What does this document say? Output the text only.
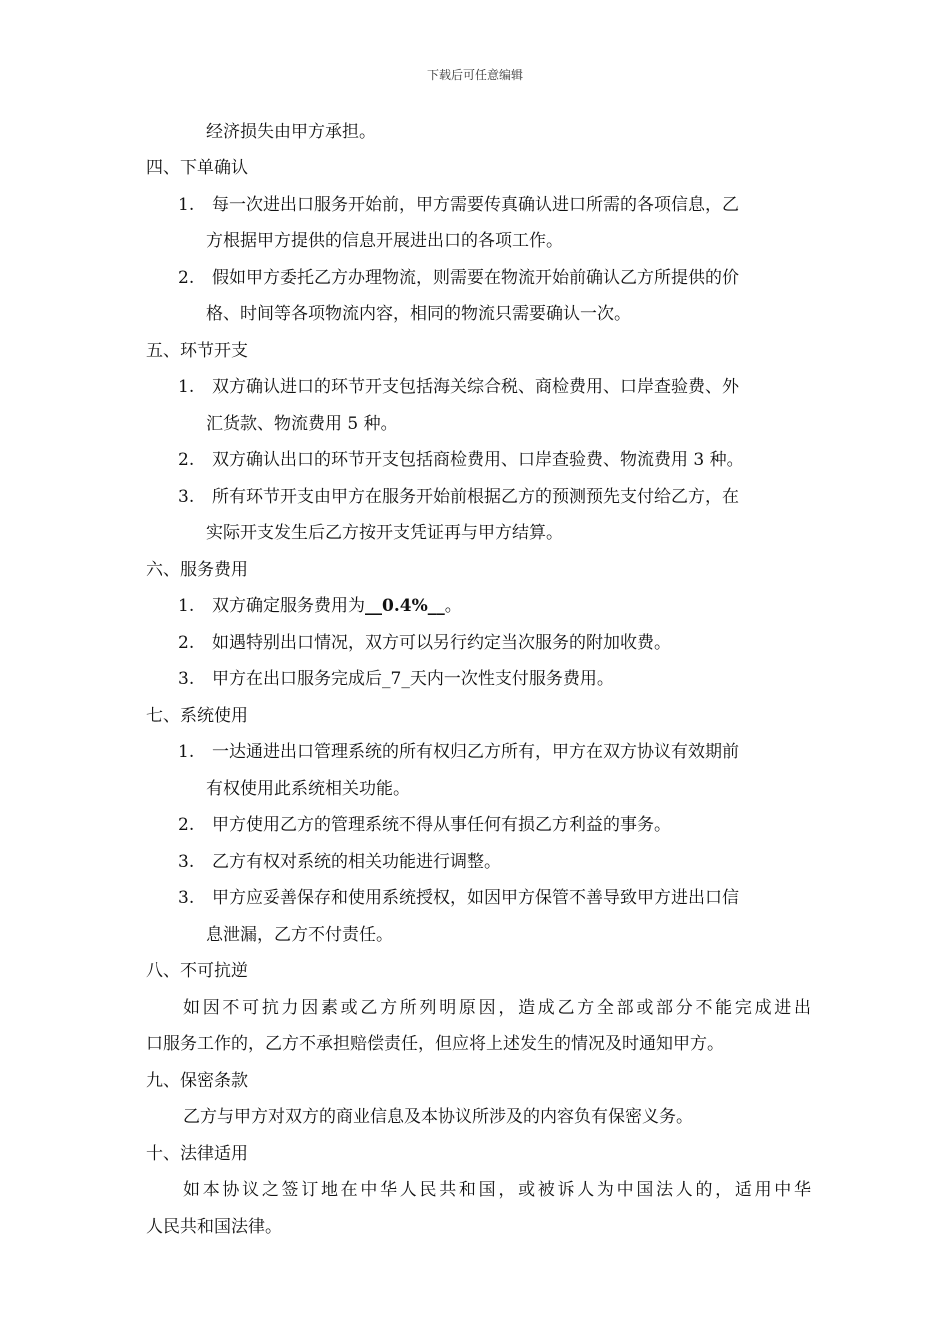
下载后可任意编辑
经济损失由甲方承担。
四、下单确认
1. 每一次进出口服务开始前，甲方需要传真确认进口所需的各项信息，乙
方根据甲方提供的信息开展进出口的各项工作。
2. 假如甲方委托乙方办理物流，则需要在物流开始前确认乙方所提供的价
格、时间等各项物流内容，相同的物流只需要确认一次。
五、环节开支
1. 双方确认进口的环节开支包括海关综合税、商检费用、口岸查验费、外
汇货款、物流费用 5 种。
2. 双方确认出口的环节开支包括商检费用、口岸查验费、物流费用 3 种。
3. 所有环节开支由甲方在服务开始前根据乙方的预测预先支付给乙方，在
实际开支发生后乙方按开支凭证再与甲方结算。
六、服务费用
1. 双方确定服务费用为__0.4%__。
2. 如遇特别出口情况，双方可以另行约定当次服务的附加收费。
3. 甲方在出口服务完成后_7_天内一次性支付服务费用。
七、系统使用
1. 一达通进出口管理系统的所有权归乙方所有，甲方在双方协议有效期前
有权使用此系统相关功能。
2. 甲方使用乙方的管理系统不得从事任何有损乙方利益的事务。
3. 乙方有权对系统的相关功能进行调整。
3. 甲方应妥善保存和使用系统授权，如因甲方保管不善导致甲方进出口信
息泄漏，乙方不付责任。
八、不可抗逆
如因不可抗力因素或乙方所列明原因，造成乙方全部或部分不能完成进出
口服务工作的，乙方不承担赔偿责任，但应将上述发生的情况及时通知甲方。
九、保密条款
乙方与甲方对双方的商业信息及本协议所涉及的内容负有保密义务。
十、法律适用
如本协议之签订地在中华人民共和国，或被诉人为中国法人的，适用中华
人民共和国法律。
